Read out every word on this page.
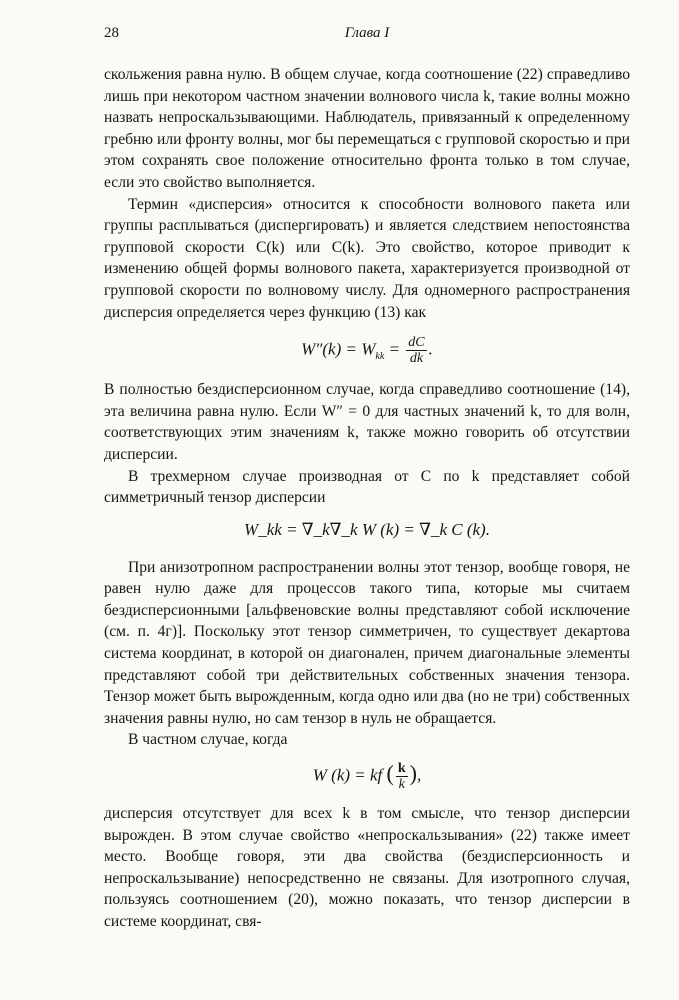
28	Глава I

скольжения равна нулю. В общем случае, когда соотношение (22) справедливо лишь при некотором частном значении волнового числа k, такие волны можно назвать непроскальзывающими. Наблюдатель, привязанный к определенному гребню или фронту волны, мог бы перемещаться с групповой скоростью и при этом сохранять свое положение относительно фронта только в том случае, если это свойство выполняется.

Термин «дисперсия» относится к способности волнового пакета или группы расплываться (диспергировать) и является следствием непостоянства групповой скорости C(k) или C(k). Это свойство, которое приводит к изменению общей формы волнового пакета, характеризуется производной от групповой скорости по волновому числу. Для одномерного распространения дисперсия определяется через функцию (13) как

$W''(k) = W_{kk} = \frac{dC}{dk}$ .

В полностью бездисперсионном случае, когда справедливо соотношение (14), эта величина равна нулю. Если W″ = 0 для частных значений k, то для волн, соответствующих этим значениям k, также можно говорить об отсутствии дисперсии.

В трехмерном случае производная от C по k представляет собой симметричный тензор дисперсии

W_kk = ∇_k∇_k W (k) = ∇_k C (k).

При анизотропном распространении волны этот тензор, вообще говоря, не равен нулю даже для процессов такого типа, которые мы считаем бездисперсионными [альфвеновские волны представляют собой исключение (см. п. 4г)]. Поскольку этот тензор симметричен, то существует декартова система координат, в которой он диагонален, причем диагональные элементы представляют собой три действительных собственных значения тензора. Тензор может быть вырожденным, когда одно или два (но не три) собственных значения равны нулю, но сам тензор в нуль не обращается.

В частном случае, когда

W (k) = kf ( $\frac{k}{k}$ ),

дисперсия отсутствует для всех k в том смысле, что тензор дисперсии вырожден. В этом случае свойство «непроскальзывания» (22) также имеет место. Вообще говоря, эти два свойства (бездисперсионность и непроскальзывание) непосредственно не связаны. Для изотропного случая, пользуясь соотношением (20), можно показать, что тензор дисперсии в системе координат, свя-
